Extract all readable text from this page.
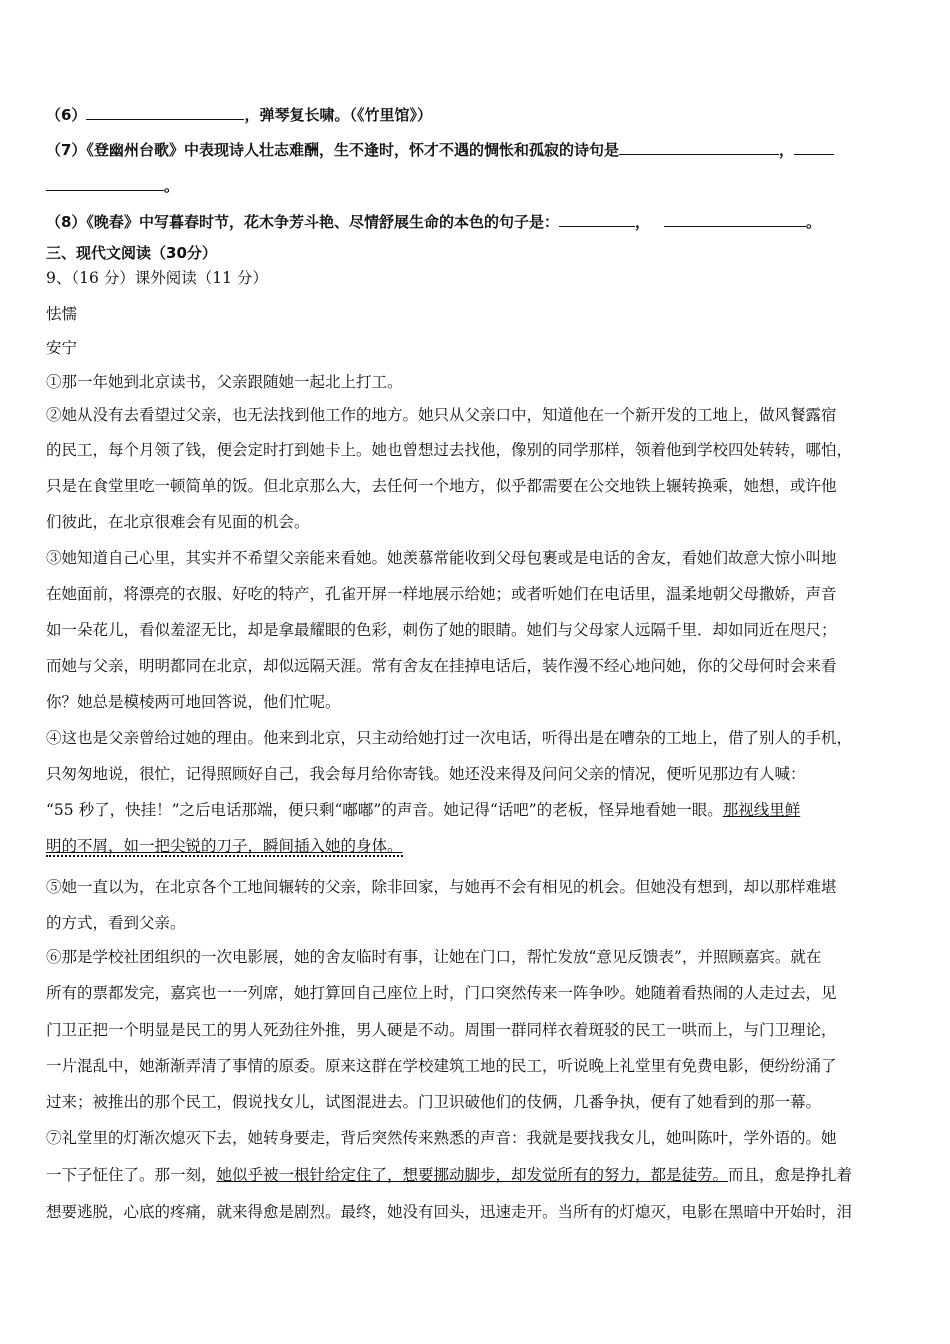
（6）	，弹琴复长啸。（《竹里馆》）
（7）《登幽州台歌》中表现诗人壮志难酬，生不逢时，怀才不遇的惆怅和孤寂的诗句是	，
。
（8）《晚春》中写暮春时节，花木争芳斗艳、尽情舒展生命的本色的句子是：	，	。
三、现代文阅读（30分）
9、（16 分）课外阅读（11 分）
怯懦
安宁
①那一年她到北京读书，父亲跟随她一起北上打工。
②她从没有去看望过父亲，也无法找到他工作的地方。她只从父亲口中，知道他在一个新开发的工地上，做风餐露宿
的民工，每个月领了钱，便会定时打到她卡上。她也曾想过去找他，像别的同学那样，领着他到学校四处转转，哪怕，
只是在食堂里吃一顿简单的饭。但北京那么大，去任何一个地方，似乎都需要在公交地铁上辗转换乘，她想，或许他
们彼此，在北京很难会有见面的机会。
③她知道自己心里，其实并不希望父亲能来看她。她羡慕常能收到父母包裹或是电话的舍友，看她们故意大惊小叫地
在她面前，将漂亮的衣服、好吃的特产，孔雀开屏一样地展示给她；或者听她们在电话里，温柔地朝父母撒娇，声音
如一朵花儿，看似羞涩无比，却是拿最耀眼的色彩，刺伤了她的眼睛。她们与父母家人远隔千里．却如同近在咫尺；
而她与父亲，明明都同在北京，却似远隔天涯。常有舍友在挂掉电话后，装作漫不经心地问她，你的父母何时会来看
你？她总是模棱两可地回答说，他们忙呢。
④这也是父亲曾给过她的理由。他来到北京，只主动给她打过一次电话，听得出是在嘈杂的工地上，借了别人的手机，
只匆匆地说，很忙，记得照顾好自己，我会每月给你寄钱。她还没来得及问问父亲的情况，便听见那边有人喊：
“55 秒了，快挂！”之后电话那端，便只剩“嘟嘟”的声音。她记得“话吧”的老板，怪异地看她一眼。那视线里鲜
明的不屑，如一把尖锐的刀子，瞬间插入她的身体。
⑤她一直以为，在北京各个工地间辗转的父亲，除非回家，与她再不会有相见的机会。但她没有想到，却以那样难堪
的方式，看到父亲。
⑥那是学校社团组织的一次电影展，她的舍友临时有事，让她在门口，帮忙发放“意见反馈表”，并照顾嘉宾。就在
所有的票都发完，嘉宾也一一列席，她打算回自己座位上时，门口突然传来一阵争吵。她随着看热闹的人走过去，见
门卫正把一个明显是民工的男人死劲往外推，男人硬是不动。周围一群同样衣着斑驳的民工一哄而上，与门卫理论，
一片混乱中，她渐渐弄清了事情的原委。原来这群在学校建筑工地的民工，听说晚上礼堂里有免费电影，便纷纷涌了
过来；被推出的那个民工，假说找女儿，试图混进去。门卫识破他们的伎俩，几番争执，便有了她看到的那一幕。
⑦礼堂里的灯渐次熄灭下去，她转身要走，背后突然传来熟悉的声音：我就是要找我女儿，她叫陈叶，学外语的。她
一下子怔住了。那一刻，她似乎被一根针给定住了，想要挪动脚步，却发觉所有的努力，都是徒劳。而且，愈是挣扎着
想要逃脱，心底的疼痛，就来得愈是剧烈。最终，她没有回头，迅速走开。当所有的灯熄灭，电影在黑暗中开始时，泪
